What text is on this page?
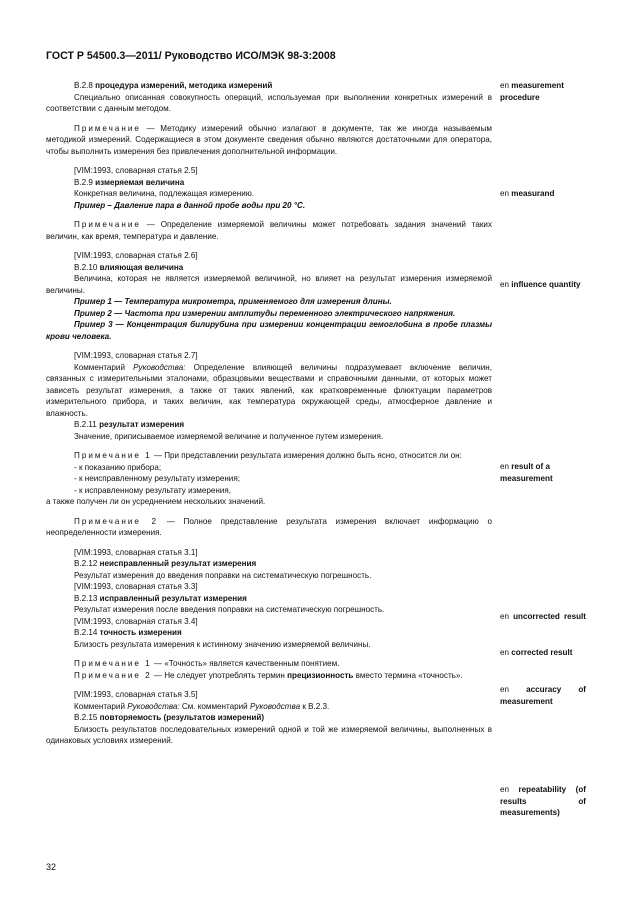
ГОСТ Р 54500.3—2011/ Руководство ИСО/МЭК 98-3:2008

В.2.8 процедура измерений, методика измерений

Специально описанная совокупность операций, используемая при выполнении конкретных измерений в соответствии с данным методом.

Примечание — Методику измерений обычно излагают в документе, так же иногда называемым методикой измерений. Содержащиеся в этом документе сведения обычно являются достаточными для оператора, чтобы выполнить измерения без привлечения дополнительной информации.

[VIM:1993, словарная статья 2.5]

В.2.9 измеряемая величина

Конкретная величина, подлежащая измерению.

Пример – Давление пара в данной пробе воды при 20 °C.

Примечание — Определение измеряемой величины может потребовать задания значений таких величин, как время, температура и давление.

[VIM:1993, словарная статья 2.6]

В.2.10 влияющая величина

Величина, которая не является измеряемой величиной, но влияет на результат измерения измеряемой величины.

Пример 1 — Температура микрометра, применяемого для измерения длины.

Пример 2 — Частота при измерении амплитуды переменного электрического напряжения.

Пример 3 — Концентрация билирубина при измерении концентрации гемоглобина в пробе плазмы крови человека.

[VIM:1993, словарная статья 2.7]

Комментарий Руководства: Определение влияющей величины подразумевает включение величин, связанных с измерительными эталонами, образцовыми веществами и справочными данными, от которых может зависеть результат измерения, а также от таких явлений, как кратковременные флюктуации параметров измерительного прибора, и таких величин, как температура окружающей среды, атмосферное давление и влажность.

В.2.11 результат измерения

Значение, приписываемое измеряемой величине и полученное путем измерения.

Примечание 1 — При представлении результата измерения должно быть ясно, относится ли он:

- к показанию прибора;

- к неисправленному результату измерения;

- к исправленному результату измерения,

а также получен ли он усреднением нескольких значений.

Примечание 2 — Полное представление результата измерения включает информацию о неопределенности измерения.

[VIM:1993, словарная статья 3.1]

В.2.12 неисправленный результат измерения

Результат измерения до введения поправки на систематическую погрешность.

[VIM:1993, словарная статья 3.3]

В.2.13 исправленный результат измерения

Результат измерения после введения поправки на систематическую погрешность.

[VIM:1993, словарная статья 3.4]

В.2.14 точность измерения

Близость результата измерения к истинному значению измеряемой величины.

Примечание 1 — «Точность» является качественным понятием.

Примечание 2 — Не следует употреблять термин прецизионность вместо термина «точность».

[VIM:1993, словарная статья 3.5]

Комментарий Руководства: См. комментарий Руководства к В.2.3.

В.2.15 повторяемость (результатов измерений)

Близость результатов последовательных измерений одной и той же измеряемой величины, выполненных в одинаковых условиях измерений.

en measurement procedure
en measurand
en influence quantity
en result of a measurement
en uncorrected result
en corrected result
en accuracy of measurement
en repeatability (of results of measurements)
32
